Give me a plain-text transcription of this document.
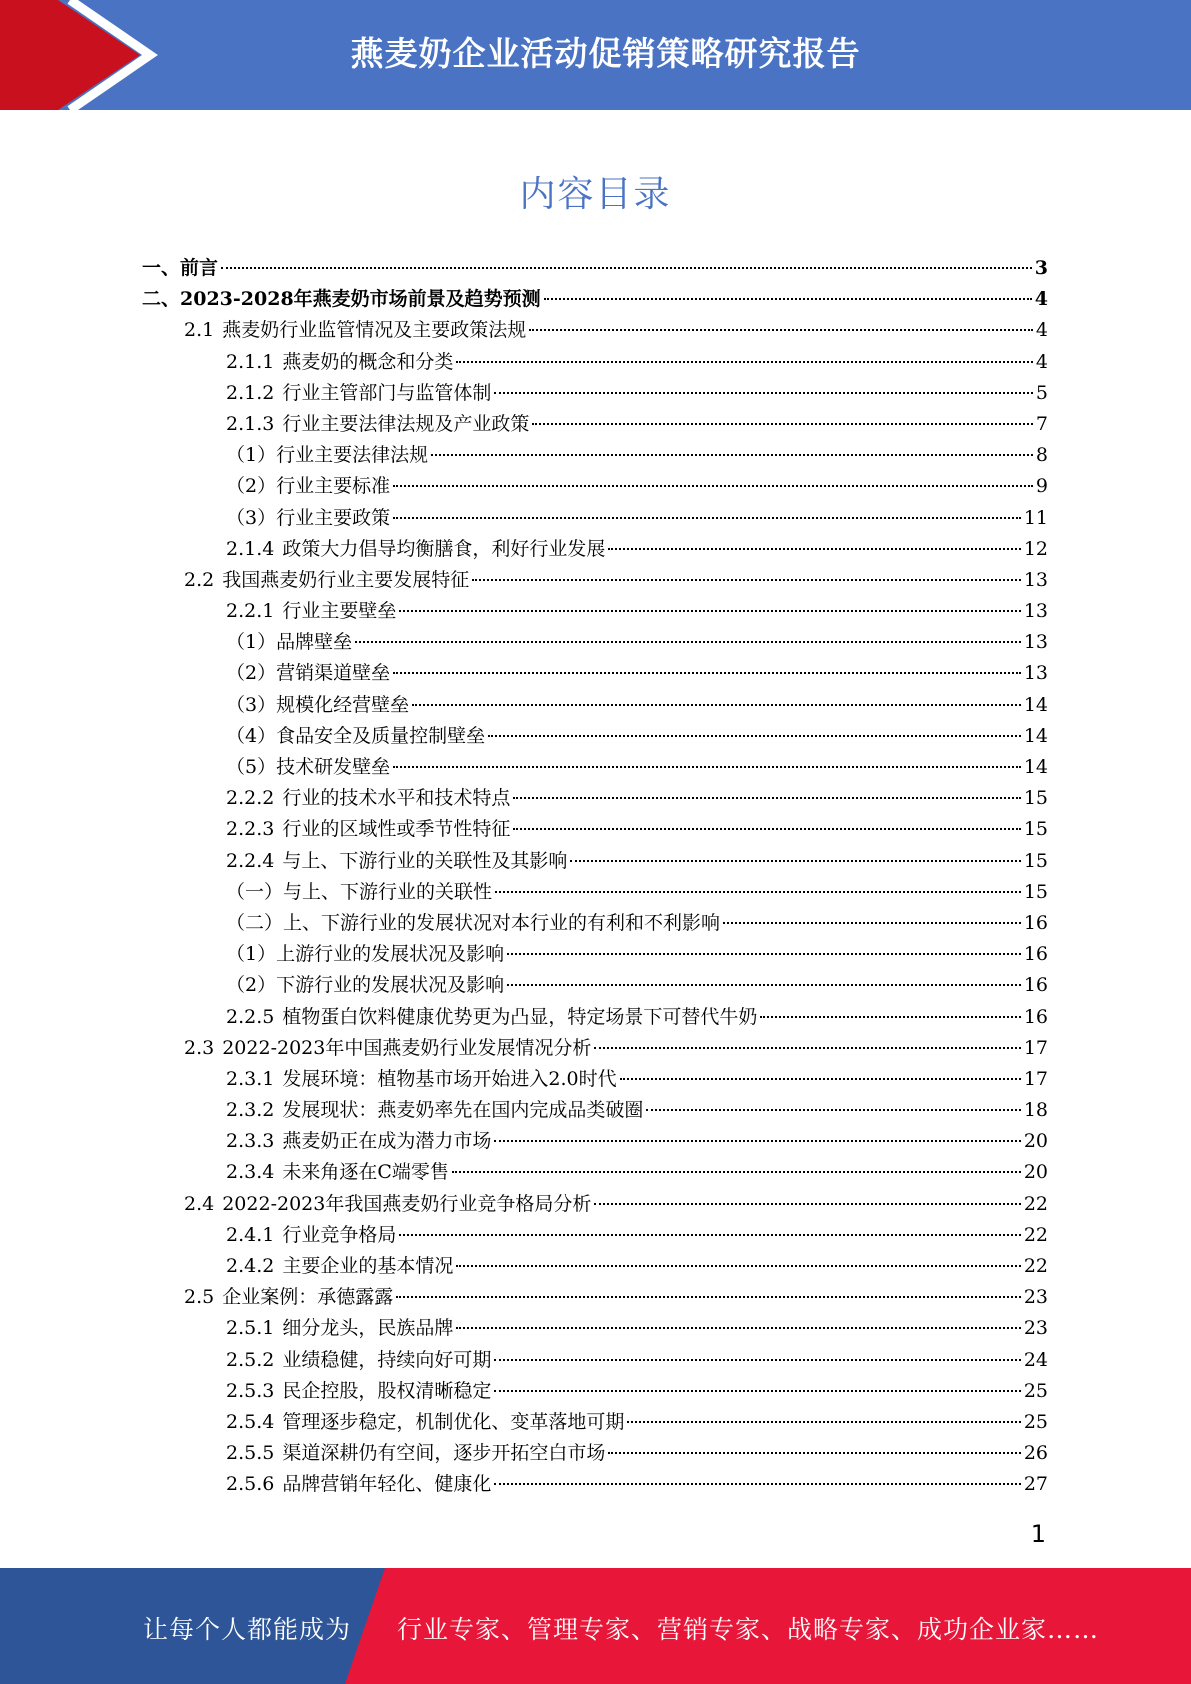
燕麦奶企业活动促销策略研究报告
内容目录
一、 前言	3
二、 2023-2028年燕麦奶市场前景及趋势预测	4
2.1 燕麦奶行业监管情况及主要政策法规	4
2.1.1 燕麦奶的概念和分类	4
2.1.2 行业主管部门与监管体制	5
2.1.3 行业主要法律法规及产业政策	7
（1） 行业主要法律法规	8
（2） 行业主要标准	9
（3） 行业主要政策	11
2.1.4 政策大力倡导均衡膳食，利好行业发展	12
2.2 我国燕麦奶行业主要发展特征	13
2.2.1 行业主要壁垒	13
（1） 品牌壁垒	13
（2） 营销渠道壁垒	13
（3） 规模化经营壁垒	14
（4） 食品安全及质量控制壁垒	14
（5） 技术研发壁垒	14
2.2.2 行业的技术水平和技术特点	15
2.2.3 行业的区域性或季节性特征	15
2.2.4 与上、下游行业的关联性及其影响	15
（一） 与上、下游行业的关联性	15
（二） 上、下游行业的发展状况对本行业的有利和不利影响	16
（1） 上游行业的发展状况及影响	16
（2） 下游行业的发展状况及影响	16
2.2.5 植物蛋白饮料健康优势更为凸显，特定场景下可替代牛奶	16
2.3 2022-2023年中国燕麦奶行业发展情况分析	17
2.3.1 发展环境：植物基市场开始进入2.0时代	17
2.3.2 发展现状：燕麦奶率先在国内完成品类破圈	18
2.3.3 燕麦奶正在成为潜力市场	20
2.3.4 未来角逐在C端零售	20
2.4 2022-2023年我国燕麦奶行业竞争格局分析	22
2.4.1 行业竞争格局	22
2.4.2 主要企业的基本情况	22
2.5 企业案例：承德露露	23
2.5.1 细分龙头，民族品牌	23
2.5.2 业绩稳健，持续向好可期	24
2.5.3 民企控股，股权清晰稳定	25
2.5.4 管理逐步稳定，机制优化、变革落地可期	25
2.5.5 渠道深耕仍有空间，逐步开拓空白市场	26
2.5.6 品牌营销年轻化、健康化	27
1
让每个人都能成为 行业专家、管理专家、营销专家、战略专家、成功企业家……
